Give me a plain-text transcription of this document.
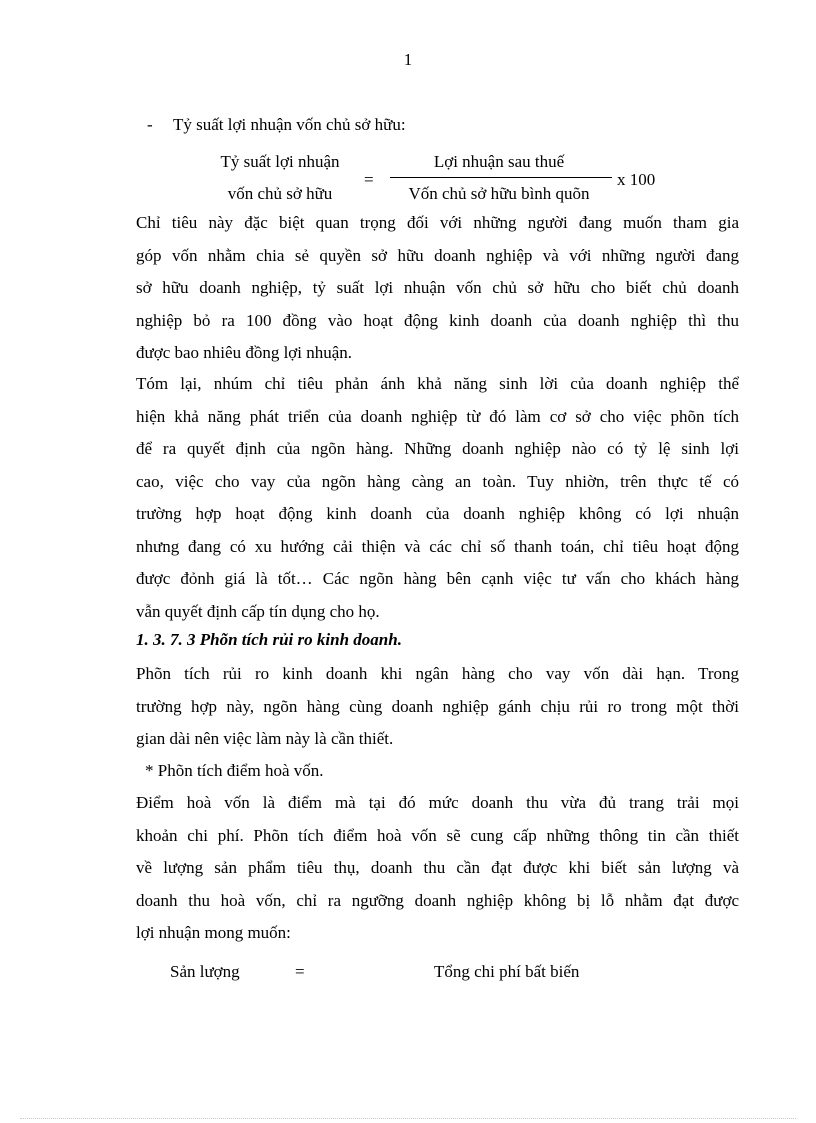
1
- Tỷ suất lợi nhuận vốn chủ sở hữu:
Tỷ suất lợi nhuận
vốn chủ sở hữu
=
Lợi nhuận sau thuế
Vốn chủ sở hữu bình quõn
x 100
Chỉ tiêu này đặc biệt quan trọng đối với những người đang muốn tham gia
góp vốn nhằm chia sẻ quyền sở hữu doanh nghiệp và với những người đang
sở hữu doanh nghiệp, tỷ suất lợi nhuận vốn chủ sở hữu cho biết chủ doanh
nghiệp bỏ ra 100 đồng vào hoạt động kinh doanh của doanh nghiệp thì thu
được bao nhiêu đồng lợi nhuận.
Tóm lại, nhúm chỉ tiêu phản ánh khả năng sinh lời của doanh nghiệp thể
hiện khả năng phát triển của doanh nghiệp từ đó làm cơ sở cho việc phõn tích
để ra quyết định của ngõn hàng. Những doanh nghiệp nào có tỷ lệ sinh lợi
cao, việc cho vay của ngõn hàng càng an toàn. Tuy nhiờn, trên thực tế có
trường hợp hoạt động kinh doanh của doanh nghiệp không có lợi nhuận
nhưng đang có xu hướng cải thiện và các chỉ số thanh toán, chỉ tiêu hoạt động
được đỏnh giá là tốt… Các ngõn hàng bên cạnh việc tư vấn cho khách hàng
vẫn quyết định cấp tín dụng cho họ.
1. 3. 7. 3 Phõn tích rủi ro kinh doanh.
Phõn tích rủi ro kinh doanh khi ngân hàng cho vay vốn dài hạn. Trong
trường hợp này, ngõn hàng cùng doanh nghiệp gánh chịu rủi ro trong một thời
gian dài nên việc làm này là cần thiết.
* Phõn tích điểm hoà vốn.
Điểm hoà vốn là điểm mà tại đó mức doanh thu vừa đủ trang trải mọi
khoản chi phí. Phõn tích điểm hoà vốn sẽ cung cấp những thông tin cần thiết
về lượng sản phẩm tiêu thụ, doanh thu cần đạt được khi biết sản lượng và
doanh thu hoà vốn, chỉ ra ngưỡng doanh nghiệp không bị lỗ nhằm đạt được
lợi nhuận mong muốn:
Sản lượng	=	Tổng chi phí bất biến
